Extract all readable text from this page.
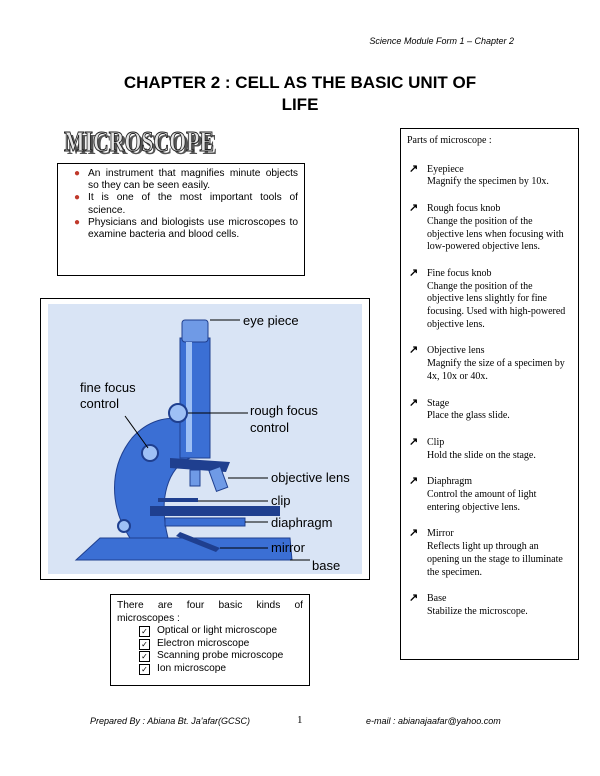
Science Module Form 1 – Chapter 2
CHAPTER 2 : CELL AS THE BASIC UNIT OF
LIFE
MICROSCOPE
MICROSCOPE
● An instrument that magnifies minute objects so they can be seen easily.
● It is one of the most important tools of science.
● Physicians and biologists use microscopes to examine bacteria and blood cells.
eye piece
fine focus
control	rough focus
control
objective lens
clip
diaphragm
mirror
base
There are four basic kinds of microscopes :
✓ Optical or light microscope
✓ Electron microscope
✓ Scanning probe microscope
✓ Ion microscope
Parts of microscope :
↗ Eyepiece
Magnify the specimen by 10x.
↗ Rough focus knob
Change the position of the objective lens when focusing with low-powered objective lens.
↗ Fine focus knob
Change the position of the objective lens slightly for fine focusing. Used with high-powered objective lens.
↗ Objective lens
Magnify the size of a specimen by 4x, 10x or 40x.
↗ Stage
Place the glass slide.
↗ Clip
Hold the slide on the stage.
↗ Diaphragm
Control the amount of light entering objective lens.
↗ Mirror
Reflects light up through an opening un the stage to illuminate the specimen.
↗ Base
Stabilize the microscope.
Prepared By : Abiana Bt. Ja'afar(GCSC)	1	e-mail : abianajaafar@yahoo.com
